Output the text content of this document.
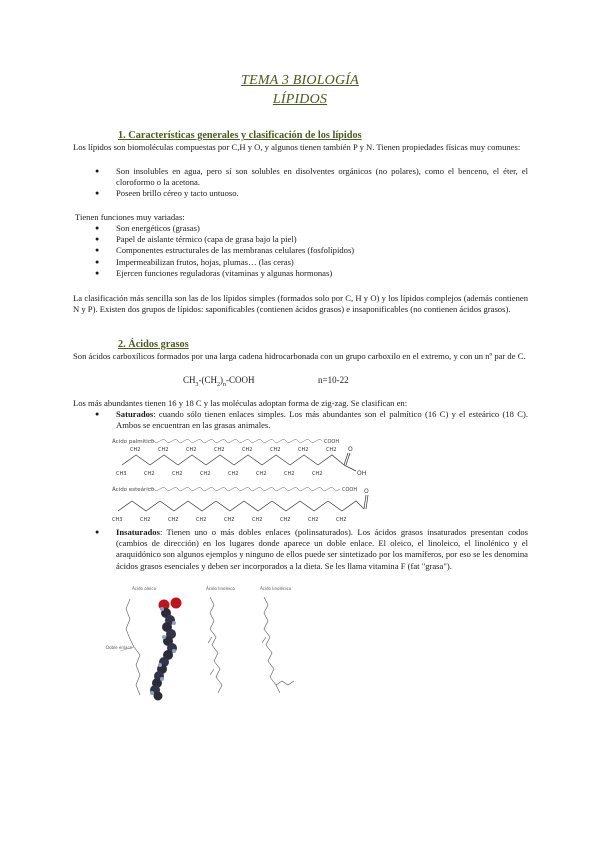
TEMA 3 BIOLOGÍA
LÍPIDOS
1. Características generales y clasificación de los lípidos
Los lípidos son biomoléculas compuestas por C,H y O, y algunos tienen también P y N. Tienen propiedades físicas muy comunes:
● Son insolubles en agua, pero sí son solubles en disolventes orgánicos (no polares), como el benceno, el éter, el cloroformo o la acetona.
● Poseen brillo céreo y tacto untuoso.
Tienen funciones muy variadas:
● Son energéticos (grasas)
● Papel de aislante térmico (capa de grasa bajo la piel)
● Componentes estructurales de las membranas celulares (fosfolípidos)
● Impermeabilizan frutos, hojas, plumas… (las ceras)
● Ejercen funciones reguladoras (vitaminas y algunas hormonas)
La clasificación más sencilla son las de los lípidos simples (formados solo por C, H y O) y los lípidos complejos (además contienen N y P). Existen dos grupos de lípidos: saponificables (contienen ácidos grasos) e insaponificables (no contienen ácidos grasos).
2. Ácidos grasos
Son ácidos carboxílicos formados por una larga cadena hidrocarbonada con un grupo carboxilo en el extremo, y con un nº par de C.
$CH_3-(CH_2)_n$-COOH	n=10-22
Los más abundantes tienen 16 y 18 C y las moléculas adoptan forma de zig-zag. Se clasifican en:
● Saturados: cuando sólo tienen enlaces simples. Los más abundantes son el palmítico (16 C) y el esteárico (18 C). Ambos se encuentran en las grasas animales.
Ácido palmítico	COOH
O
OH
CH3	CH2	CH2	CH2	CH2	CH2	CH2	CH2
CH2	CH2	CH2	CH2	CH2	CH2	CH2	CH2
Ácido esteárico	COOH O
CH3	CH2	CH2	CH2	CH2	CH2	CH2	CH2	CH2
● Insaturados: Tienen uno o más dobles enlaces (polinsaturados). Los ácidos grasos insaturados presentan codos (cambios de dirección) en los lugares donde aparece un doble enlace. El oleico, el linoleico, el linolénico y el araquidónico son algunos ejemplos y ninguno de ellos puede ser sintetizado por los mamíferos, por eso se les denomina ácidos grasos esenciales y deben ser incorporados a la dieta. Se les llama vitamina F (fat "grasa").
Ácido oleico
Doble enlace
Ácido linoleico	Ácido linolénico
